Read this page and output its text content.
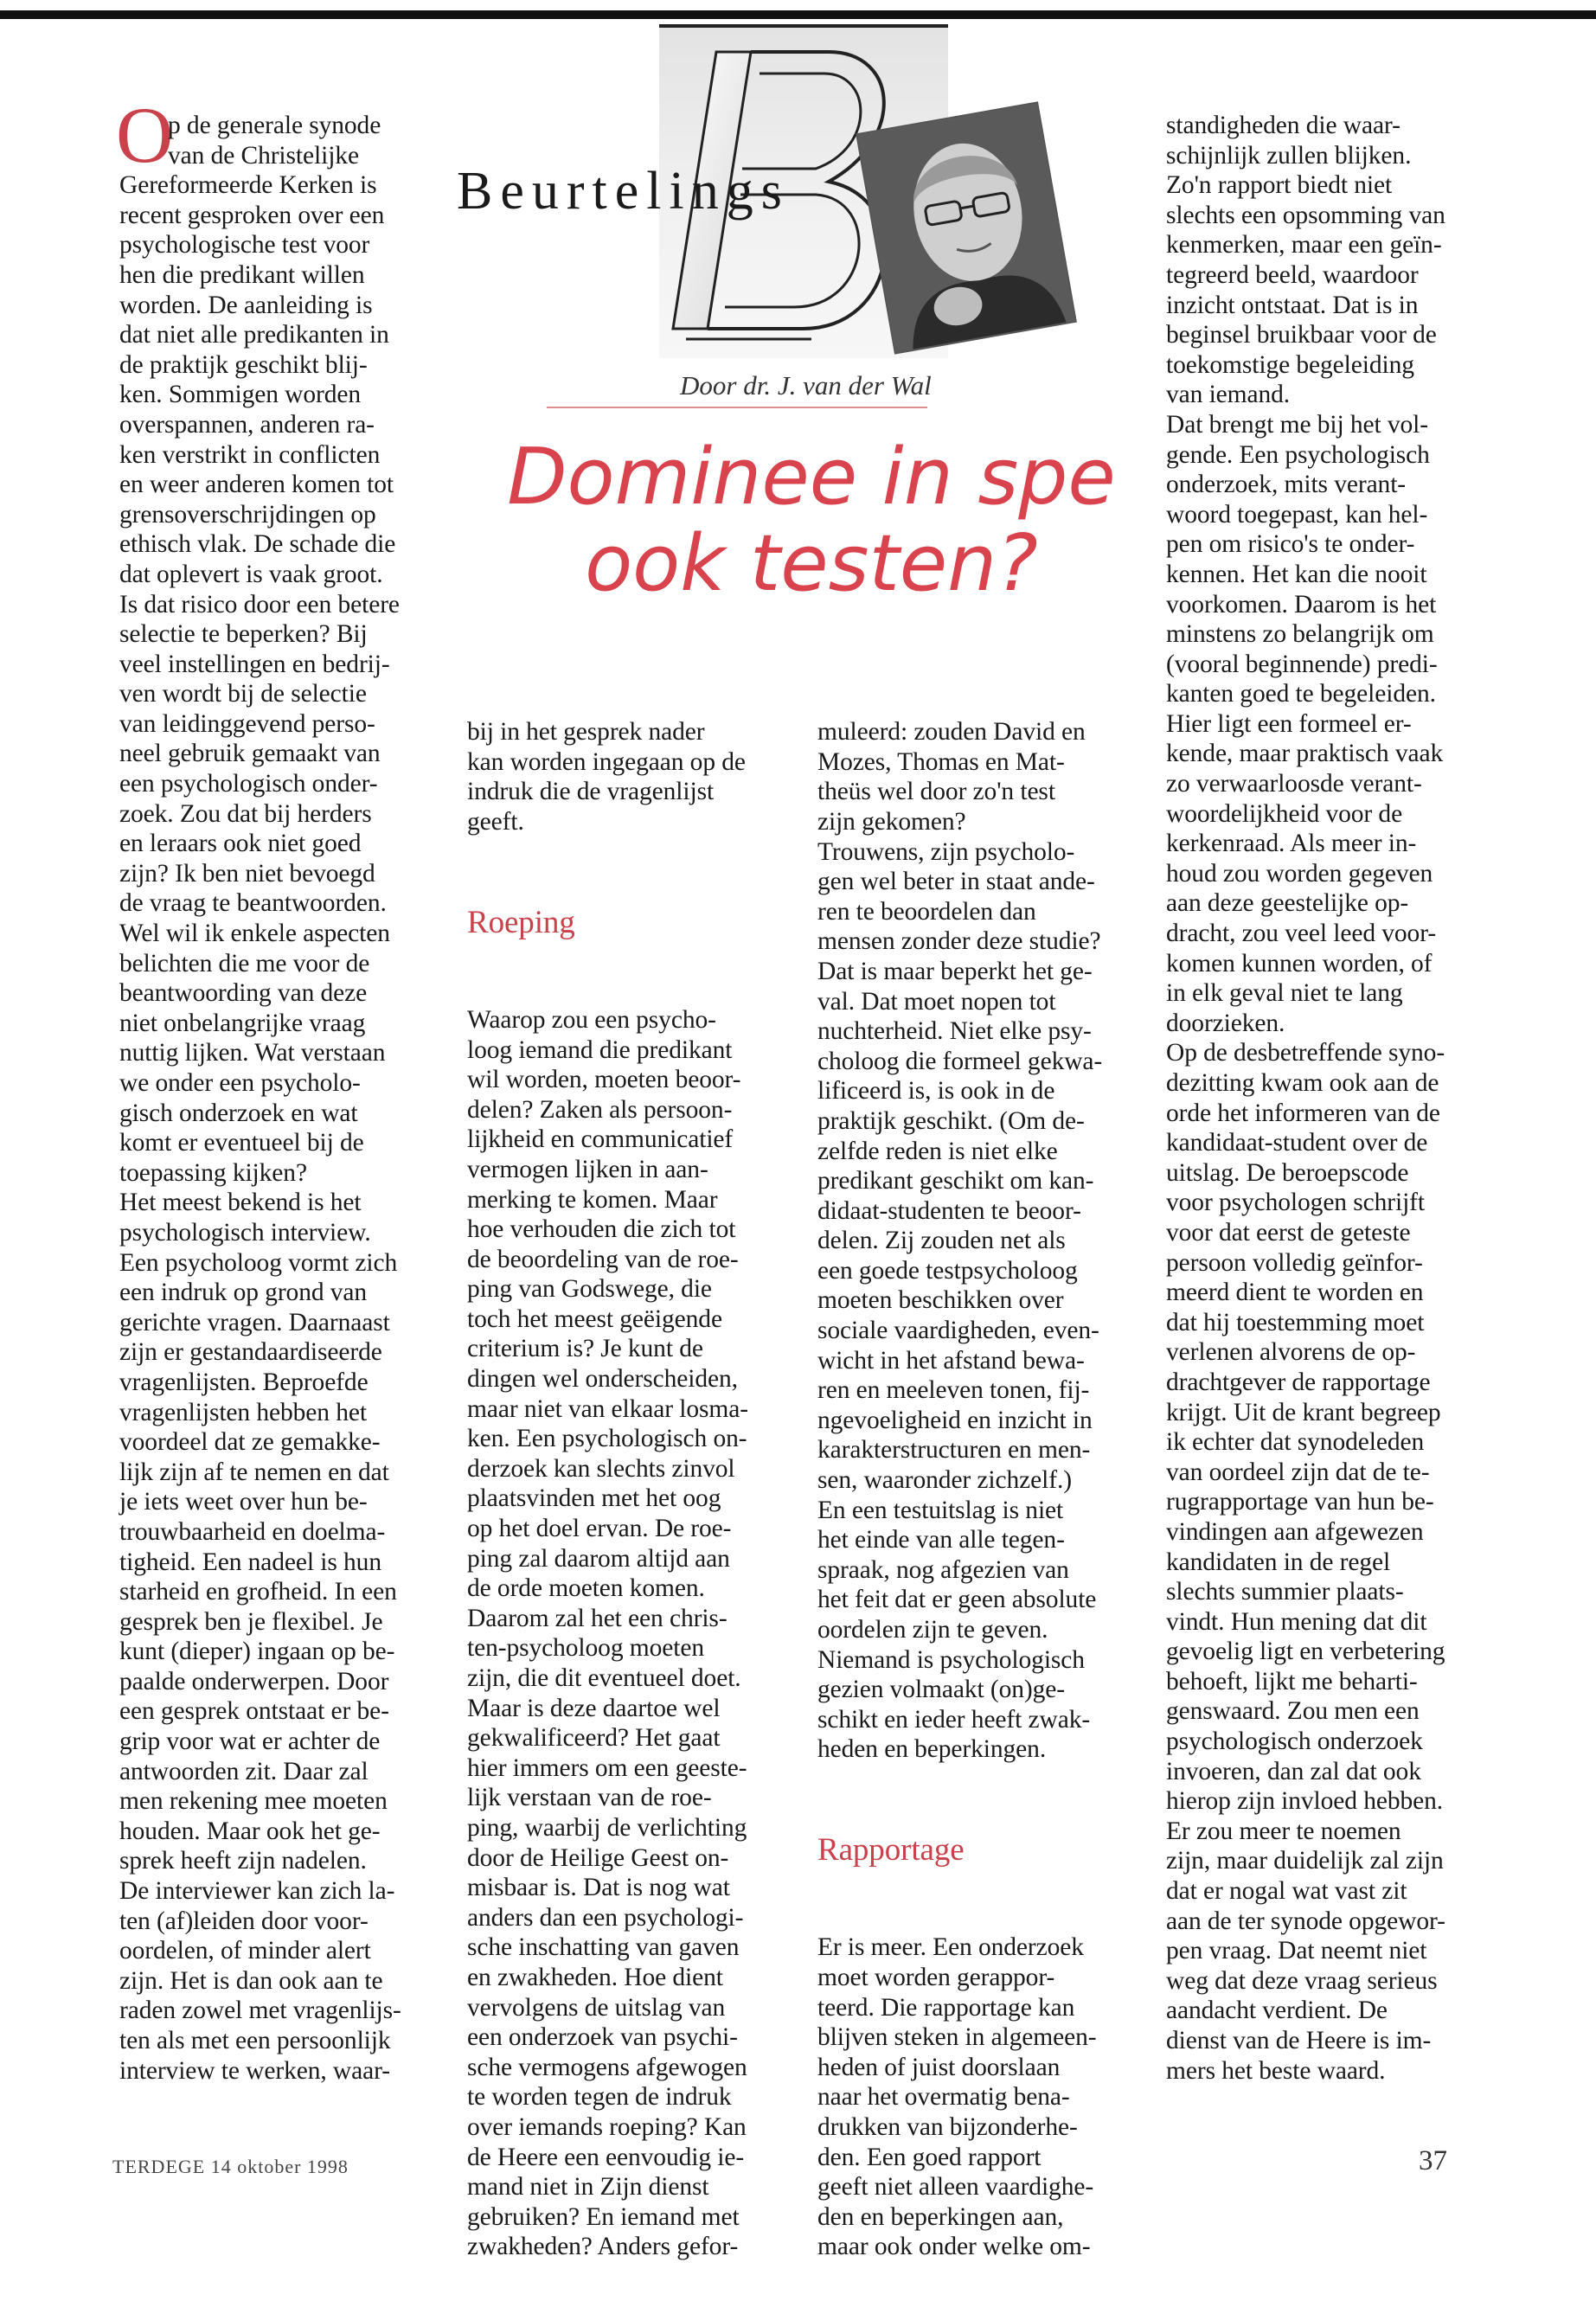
Beurtelings
Door dr. J. van der Wal
Dominee in spe
ook testen?
O
p de generale synode
van de Christelijke
Gereformeerde Kerken is
recent gesproken over een
psychologische test voor
hen die predikant willen
worden. De aanleiding is
dat niet alle predikanten in
de praktijk geschikt blij-
ken. Sommigen worden
overspannen, anderen ra-
ken verstrikt in conflicten
en weer anderen komen tot
grensoverschrijdingen op
ethisch vlak. De schade die
dat oplevert is vaak groot.
Is dat risico door een betere
selectie te beperken? Bij
veel instellingen en bedrij-
ven wordt bij de selectie
van leidinggevend perso-
neel gebruik gemaakt van
een psychologisch onder-
zoek. Zou dat bij herders
en leraars ook niet goed
zijn? Ik ben niet bevoegd
de vraag te beantwoorden.
Wel wil ik enkele aspecten
belichten die me voor de
beantwoording van deze
niet onbelangrijke vraag
nuttig lijken. Wat verstaan
we onder een psycholo-
gisch onderzoek en wat
komt er eventueel bij de
toepassing kijken?
Het meest bekend is het
psychologisch interview.
Een psycholoog vormt zich
een indruk op grond van
gerichte vragen. Daarnaast
zijn er gestandaardiseerde
vragenlijsten. Beproefde
vragenlijsten hebben het
voordeel dat ze gemakke-
lijk zijn af te nemen en dat
je iets weet over hun be-
trouwbaarheid en doelma-
tigheid. Een nadeel is hun
starheid en grofheid. In een
gesprek ben je flexibel. Je
kunt (dieper) ingaan op be-
paalde onderwerpen. Door
een gesprek ontstaat er be-
grip voor wat er achter de
antwoorden zit. Daar zal
men rekening mee moeten
houden. Maar ook het ge-
sprek heeft zijn nadelen.
De interviewer kan zich la-
ten (af)leiden door voor-
oordelen, of minder alert
zijn. Het is dan ook aan te
raden zowel met vragenlijs-
ten als met een persoonlijk
interview te werken, waar-

bij in het gesprek nader
kan worden ingegaan op de
indruk die de vragenlijst
geeft.

Roeping

Waarop zou een psycho-
loog iemand die predikant
wil worden, moeten beoor-
delen? Zaken als persoon-
lijkheid en communicatief
vermogen lijken in aan-
merking te komen. Maar
hoe verhouden die zich tot
de beoordeling van de roe-
ping van Godswege, die
toch het meest geëigende
criterium is? Je kunt de
dingen wel onderscheiden,
maar niet van elkaar losma-
ken. Een psychologisch on-
derzoek kan slechts zinvol
plaatsvinden met het oog
op het doel ervan. De roe-
ping zal daarom altijd aan
de orde moeten komen.
Daarom zal het een chris-
ten-psycholoog moeten
zijn, die dit eventueel doet.
Maar is deze daartoe wel
gekwalificeerd? Het gaat
hier immers om een geeste-
lijk verstaan van de roe-
ping, waarbij de verlichting
door de Heilige Geest on-
misbaar is. Dat is nog wat
anders dan een psychologi-
sche inschatting van gaven
en zwakheden. Hoe dient
vervolgens de uitslag van
een onderzoek van psychi-
sche vermogens afgewogen
te worden tegen de indruk
over iemands roeping? Kan
de Heere een eenvoudig ie-
mand niet in Zijn dienst
gebruiken? En iemand met
zwakheden? Anders gefor-

muleerd: zouden David en
Mozes, Thomas en Mat-
theüs wel door zo'n test
zijn gekomen?
Trouwens, zijn psycholo-
gen wel beter in staat ande-
ren te beoordelen dan
mensen zonder deze studie?
Dat is maar beperkt het ge-
val. Dat moet nopen tot
nuchterheid. Niet elke psy-
choloog die formeel gekwa-
lificeerd is, is ook in de
praktijk geschikt. (Om de-
zelfde reden is niet elke
predikant geschikt om kan-
didaat-studenten te beoor-
delen. Zij zouden net als
een goede testpsycholoog
moeten beschikken over
sociale vaardigheden, even-
wicht in het afstand bewa-
ren en meeleven tonen, fij-
ngevoeligheid en inzicht in
karakterstructuren en men-
sen, waaronder zichzelf.)
En een testuitslag is niet
het einde van alle tegen-
spraak, nog afgezien van
het feit dat er geen absolute
oordelen zijn te geven.
Niemand is psychologisch
gezien volmaakt (on)ge-
schikt en ieder heeft zwak-
heden en beperkingen.

Rapportage

Er is meer. Een onderzoek
moet worden gerappor-
teerd. Die rapportage kan
blijven steken in algemeen-
heden of juist doorslaan
naar het overmatig bena-
drukken van bijzonderhe-
den. Een goed rapport
geeft niet alleen vaardighe-
den en beperkingen aan,
maar ook onder welke om-

standigheden die waar-
schijnlijk zullen blijken.
Zo'n rapport biedt niet
slechts een opsomming van
kenmerken, maar een geïn-
tegreerd beeld, waardoor
inzicht ontstaat. Dat is in
beginsel bruikbaar voor de
toekomstige begeleiding
van iemand.
Dat brengt me bij het vol-
gende. Een psychologisch
onderzoek, mits verant-
woord toegepast, kan hel-
pen om risico's te onder-
kennen. Het kan die nooit
voorkomen. Daarom is het
minstens zo belangrijk om
(vooral beginnende) predi-
kanten goed te begeleiden.
Hier ligt een formeel er-
kende, maar praktisch vaak
zo verwaarloosde verant-
woordelijkheid voor de
kerkenraad. Als meer in-
houd zou worden gegeven
aan deze geestelijke op-
dracht, zou veel leed voor-
komen kunnen worden, of
in elk geval niet te lang
doorzieken.
Op de desbetreffende syno-
dezitting kwam ook aan de
orde het informeren van de
kandidaat-student over de
uitslag. De beroepscode
voor psychologen schrijft
voor dat eerst de geteste
persoon volledig geïnfor-
meerd dient te worden en
dat hij toestemming moet
verlenen alvorens de op-
drachtgever de rapportage
krijgt. Uit de krant begreep
ik echter dat synodeleden
van oordeel zijn dat de te-
rugrapportage van hun be-
vindingen aan afgewezen
kandidaten in de regel
slechts summier plaats-
vindt. Hun mening dat dit
gevoelig ligt en verbetering
behoeft, lijkt me beharti-
genswaard. Zou men een
psychologisch onderzoek
invoeren, dan zal dat ook
hierop zijn invloed hebben.
Er zou meer te noemen
zijn, maar duidelijk zal zijn
dat er nogal wat vast zit
aan de ter synode opgewor-
pen vraag. Dat neemt niet
weg dat deze vraag serieus
aandacht verdient. De
dienst van de Heere is im-
mers het beste waard.
TERDEGE 14 oktober 1998	37
